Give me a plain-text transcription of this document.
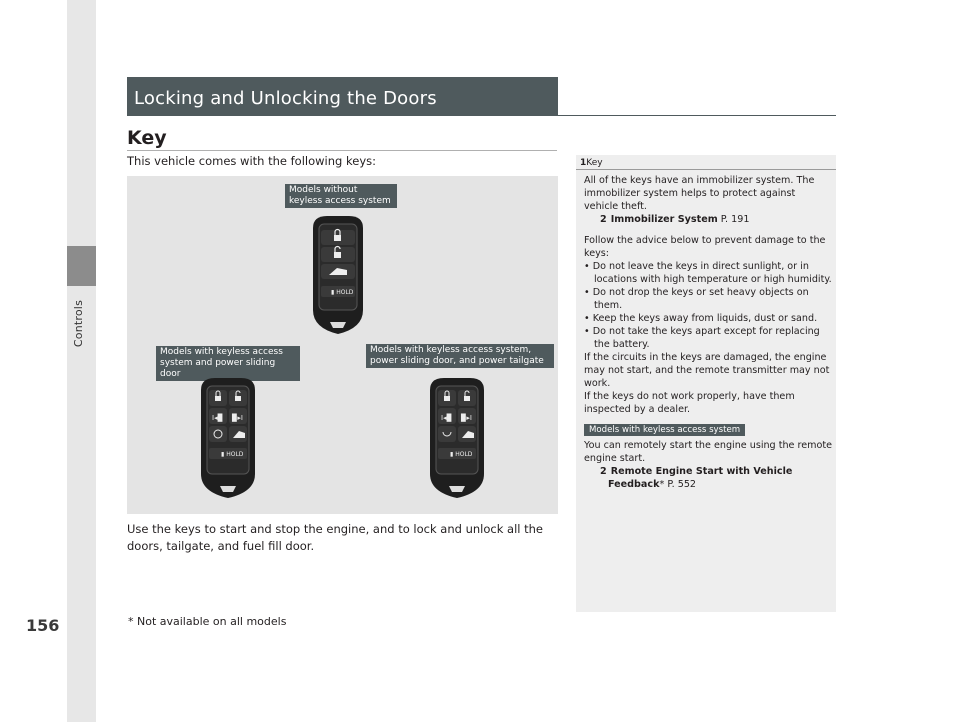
Controls
156
Locking and Unlocking the Doors
Key
This vehicle comes with the following keys:
Models without keyless access system
Models with keyless access system and power sliding door
Models with keyless access system, power sliding door, and power tailgate
▮ HOLD
I◂▉ ▉▸I
▮ HOLD
I◂▉ ▉▸I
▮ HOLD
Use the keys to start and stop the engine, and to lock and unlock all the doors, tailgate, and fuel fill door.
* Not available on all models
1Key

All of the keys have an immobilizer system. The immobilizer system helps to protect against vehicle theft.

2 Immobilizer System P. 191

Follow the advice below to prevent damage to the keys:

• Do not leave the keys in direct sunlight, or in locations with high temperature or high humidity.

• Do not drop the keys or set heavy objects on them.

• Keep the keys away from liquids, dust or sand.

• Do not take the keys apart except for replacing the battery.

If the circuits in the keys are damaged, the engine may not start, and the remote transmitter may not work.

If the keys do not work properly, have them inspected by a dealer.

Models with keyless access system

You can remotely start the engine using the remote engine start.

2 Remote Engine Start with Vehicle Feedback* P. 552
